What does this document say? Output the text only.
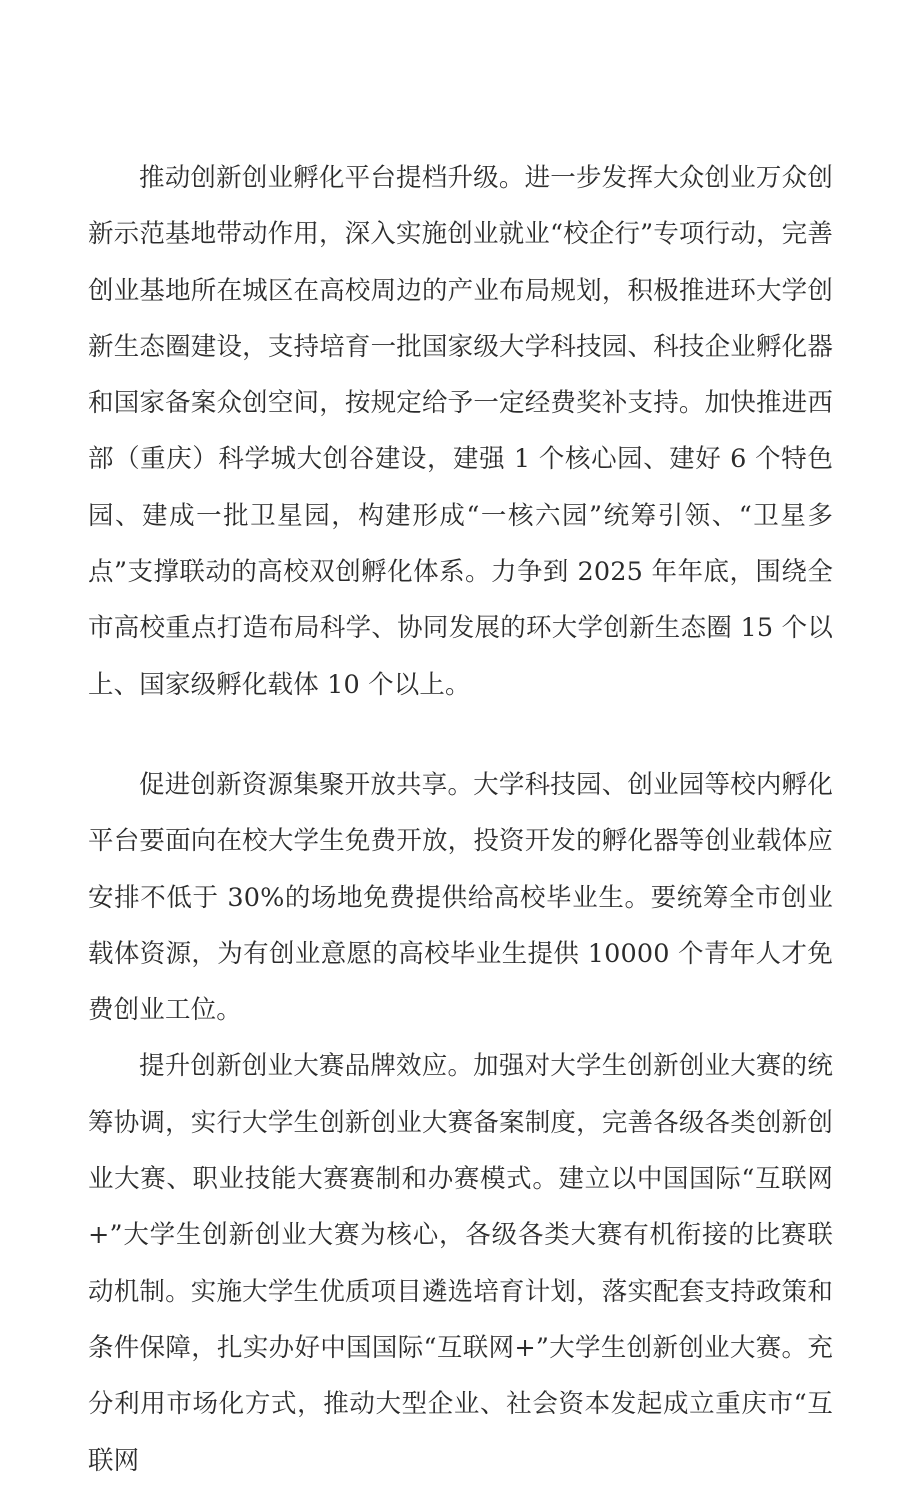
推动创新创业孵化平台提档升级。进一步发挥大众创业万众创新示范基地带动作用，深入实施创业就业“校企行”专项行动，完善创业基地所在城区在高校周边的产业布局规划，积极推进环大学创新生态圈建设，支持培育一批国家级大学科技园、科技企业孵化器和国家备案众创空间，按规定给予一定经费奖补支持。加快推进西部（重庆）科学城大创谷建设，建强 1 个核心园、建好 6 个特色园、建成一批卫星园，构建形成“一核六园”统筹引领、“卫星多点”支撑联动的高校双创孵化体系。力争到 2025 年年底，围绕全市高校重点打造布局科学、协同发展的环大学创新生态圈 15 个以上、国家级孵化载体 10 个以上。

促进创新资源集聚开放共享。大学科技园、创业园等校内孵化平台要面向在校大学生免费开放，投资开发的孵化器等创业载体应安排不低于 30%的场地免费提供给高校毕业生。要统筹全市创业载体资源，为有创业意愿的高校毕业生提供 10000 个青年人才免费创业工位。

提升创新创业大赛品牌效应。加强对大学生创新创业大赛的统筹协调，实行大学生创新创业大赛备案制度，完善各级各类创新创业大赛、职业技能大赛赛制和办赛模式。建立以中国国际“互联网+”大学生创新创业大赛为核心，各级各类大赛有机衔接的比赛联动机制。实施大学生优质项目遴选培育计划，落实配套支持政策和条件保障，扎实办好中国国际“互联网+”大学生创新创业大赛。充分利用市场化方式，推动大型企业、社会资本发起成立重庆市“互联网
